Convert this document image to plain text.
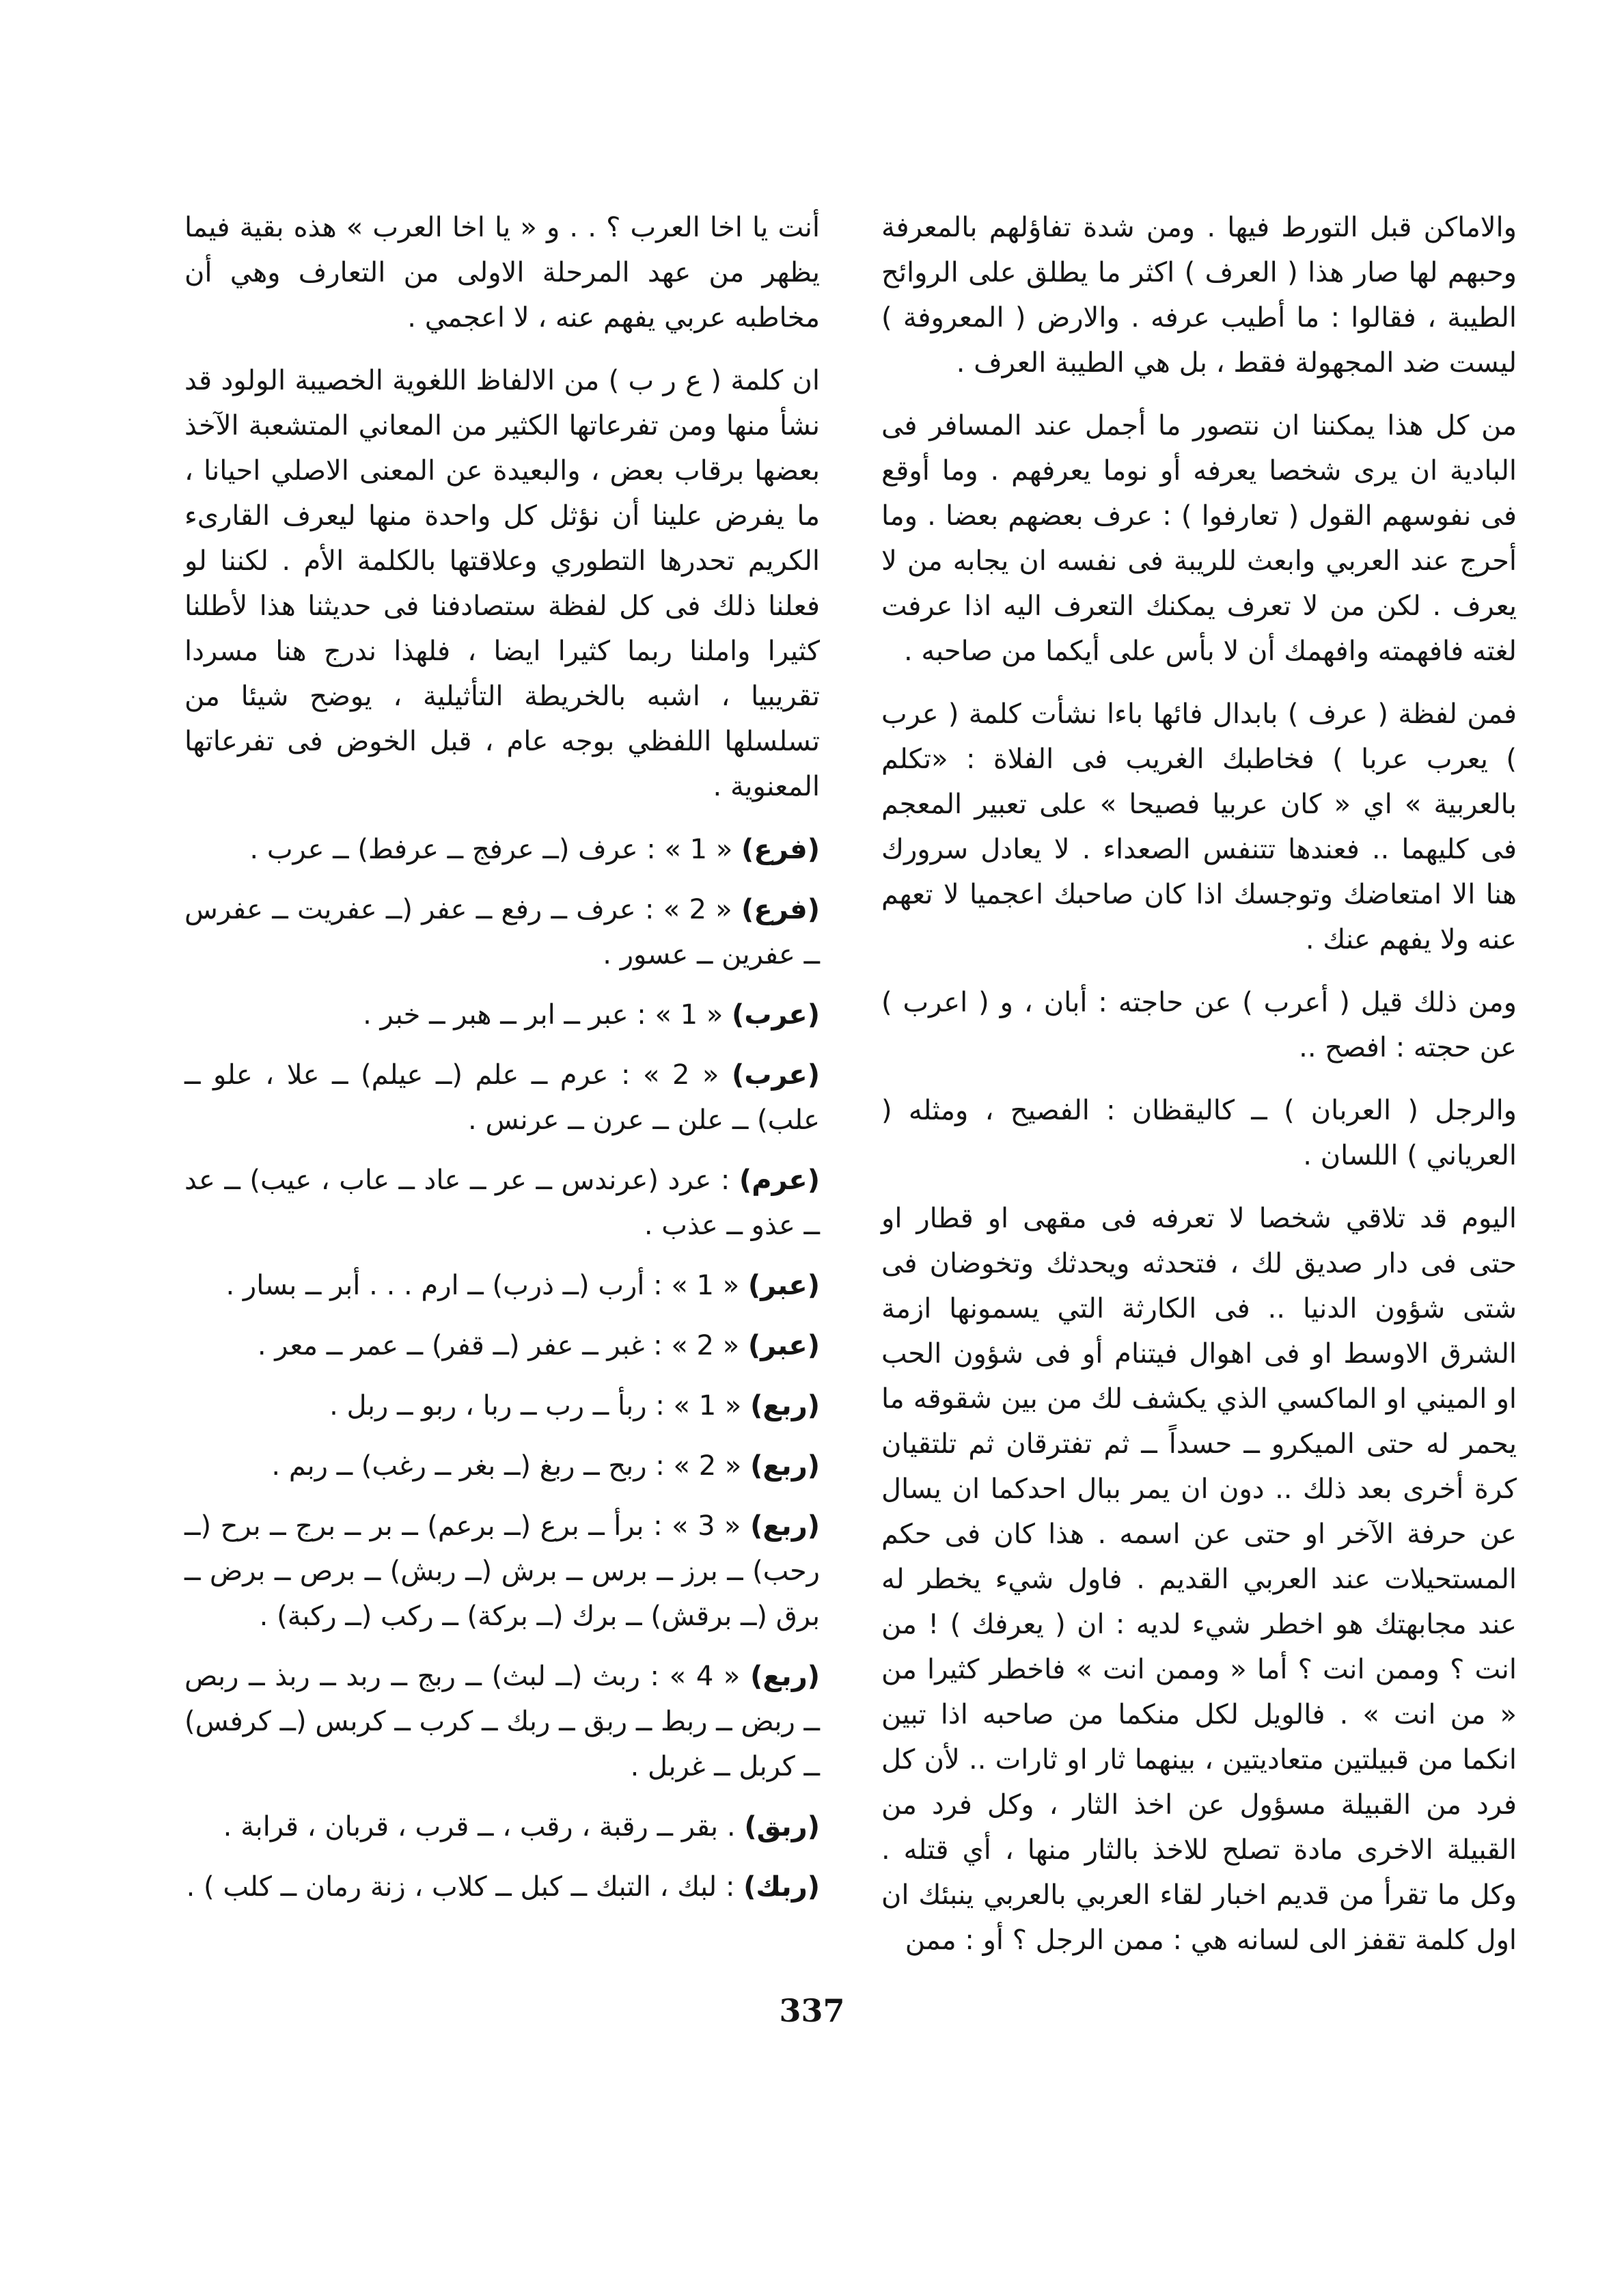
والاماكن قبل التورط فيها . ومن شدة تفاؤلهم بالمعرفة وحبهم لها صار هذا ( العرف ) اكثر ما يطلق على الروائح الطيبة ، فقالوا : ما أطيب عرفه . والارض ( المعروفة ) ليست ضد المجهولة فقط ، بل هي الطيبة العرف .

من كل هذا يمكننا ان نتصور ما أجمل عند المسافر فى البادية ان يرى شخصا يعرفه أو نوما يعرفهم . وما أوقع فى نفوسهم القول ( تعارفوا ) : عرف بعضهم بعضا . وما أحرج عند العربي وابعث للريبة فى نفسه ان يجابه من لا يعرف . لكن من لا تعرف يمكنك التعرف اليه اذا عرفت لغته فافهمته وافهمك أن لا بأس على أيكما من صاحبه .

فمن لفظة ( عرف ) بابدال فائها باءا نشأت كلمة ( عرب ) يعرب عربا ) فخاطبك الغريب فى الفلاة : «تكلم بالعربية » اي « كان عربيا فصيحا » على تعبير المعجم فى كليهما .. فعندها تتنفس الصعداء . لا يعادل سرورك هنا الا امتعاضك وتوجسك اذا كان صاحبك اعجميا لا تعهم عنه ولا يفهم عنك .

ومن ذلك قيل ( أعرب ) عن حاجته : أبان ، و ( اعرب ) عن حجته : افصح ..

والرجل ( العربان ) ــ كاليقظان : الفصيح ، ومثله ( العرياني ) اللسان .

اليوم قد تلاقي شخصا لا تعرفه فى مقهى او قطار او حتى فى دار صديق لك ، فتحدثه ويحدثك وتخوضان فى شتى شؤون الدنيا .. فى الكارثة التي يسمونها ازمة الشرق الاوسط او فى اهوال فيتنام أو فى شؤون الحب او الميني او الماكسي الذي يكشف لك من بين شقوقه ما يحمر له حتى الميكرو ــ حسداً ــ ثم تفترقان ثم تلتقيان كرة أخرى بعد ذلك .. دون ان يمر ببال احدكما ان يسال عن حرفة الآخر او حتى عن اسمه . هذا كان فى حكم المستحيلات عند العربي القديم . فاول شيء يخطر له عند مجابهتك هو اخطر شيء لديه : ان ( يعرفك ) ! من انت ؟ وممن انت ؟ أما « وممن انت » فاخطر كثيرا من « من انت » . فالويل لكل منكما من صاحبه اذا تبين انكما من قبيلتين متعاديتين ، بينهما ثار او ثارات .. لأن كل فرد من القبيلة مسؤول عن اخذ الثار ، وكل فرد من القبيلة الاخرى مادة تصلح للاخذ بالثار منها ، أي قتله . وكل ما تقرأ من قديم اخبار لقاء العربي بالعربي ينبئك ان اول كلمة تقفز الى لسانه هي : ممن الرجل ؟ أو : ممن

أنت يا اخا العرب ؟ . . و « يا اخا العرب » هذه بقية فيما يظهر من عهد المرحلة الاولى من التعارف وهي أن مخاطبه عربي يفهم عنه ، لا اعجمي .

ان كلمة ( ع ر ب ) من الالفاظ اللغوية الخصيبة الولود قد نشأ منها ومن تفرعاتها الكثير من المعاني المتشعبة الآخذ بعضها برقاب بعض ، والبعيدة عن المعنى الاصلي احيانا ، ما يفرض علينا أن نؤثل كل واحدة منها ليعرف القارىء الكريم تحدرها التطوري وعلاقتها بالكلمة الأم . لكننا لو فعلنا ذلك فى كل لفظة ستصادفنا فى حديثنا هذا لأطلنا كثيرا واملنا ربما كثيرا ايضا ، فلهذا ندرج هنا مسردا تقريبيا ، اشبه بالخريطة التأثيلية ، يوضح شيئا من تسلسلها اللفظي بوجه عام ، قبل الخوض فى تفرعاتها المعنوية .

(فرع) « 1 » : عرف (ــ عرفج ــ عرفط) ــ عرب .

(فرع) « 2 » : عرف ــ رفع ــ عفر (ــ عفريت ــ عفرس ــ عفرين ــ عسور .

(عرب) « 1 » : عبر ــ ابر ــ هبر ــ خبر .

(عرب) « 2 » : عرم ــ علم (ــ عيلم) ــ علا ، علو ــ علب) ــ علن ــ عرن ــ عرنس .

(عرم) : عرد (عرندس ــ عر ــ عاد ــ عاب ، عيب) ــ عد ــ عذو ــ عذب .

(عبر) « 1 » : أرب (ــ ذرب) ــ ارم . . . أبر ــ بسار .

(عبر) « 2 » : غبر ــ عفر (ــ قفر) ــ عمر ــ معر .

(ربع) « 1 » : ربأ ــ رب ــ ربا ، ربو ــ ربل .

(ربع) « 2 » : ربح ــ ربغ (ــ بغر ــ رغب) ــ ربم .

(ربع) « 3 » : برأ ــ برع (ــ برعم) ــ بر ــ برج ــ برح (ــ رحب) ــ برز ــ برس ــ برش (ــ ربش) ــ برص ــ برض ــ برق (ــ برقش) ــ برك (ــ بركة) ــ ركب (ــ ركبة) .

(ربع) « 4 » : ربث (ــ لبث) ــ ربج ــ ربد ــ ربذ ــ ربص ــ ربض ــ ربط ــ ربق ــ ربك ــ كرب ــ كربس (ــ كرفس) ــ كربل ــ غربل .

(ربق) . بقر ــ رقبة ، رقب ، ــ قرب ، قربان ، قرابة .

(ربك) : لبك ، التبك ــ كبل ــ كلاب ، زنة رمان ــ كلب ) .

337
